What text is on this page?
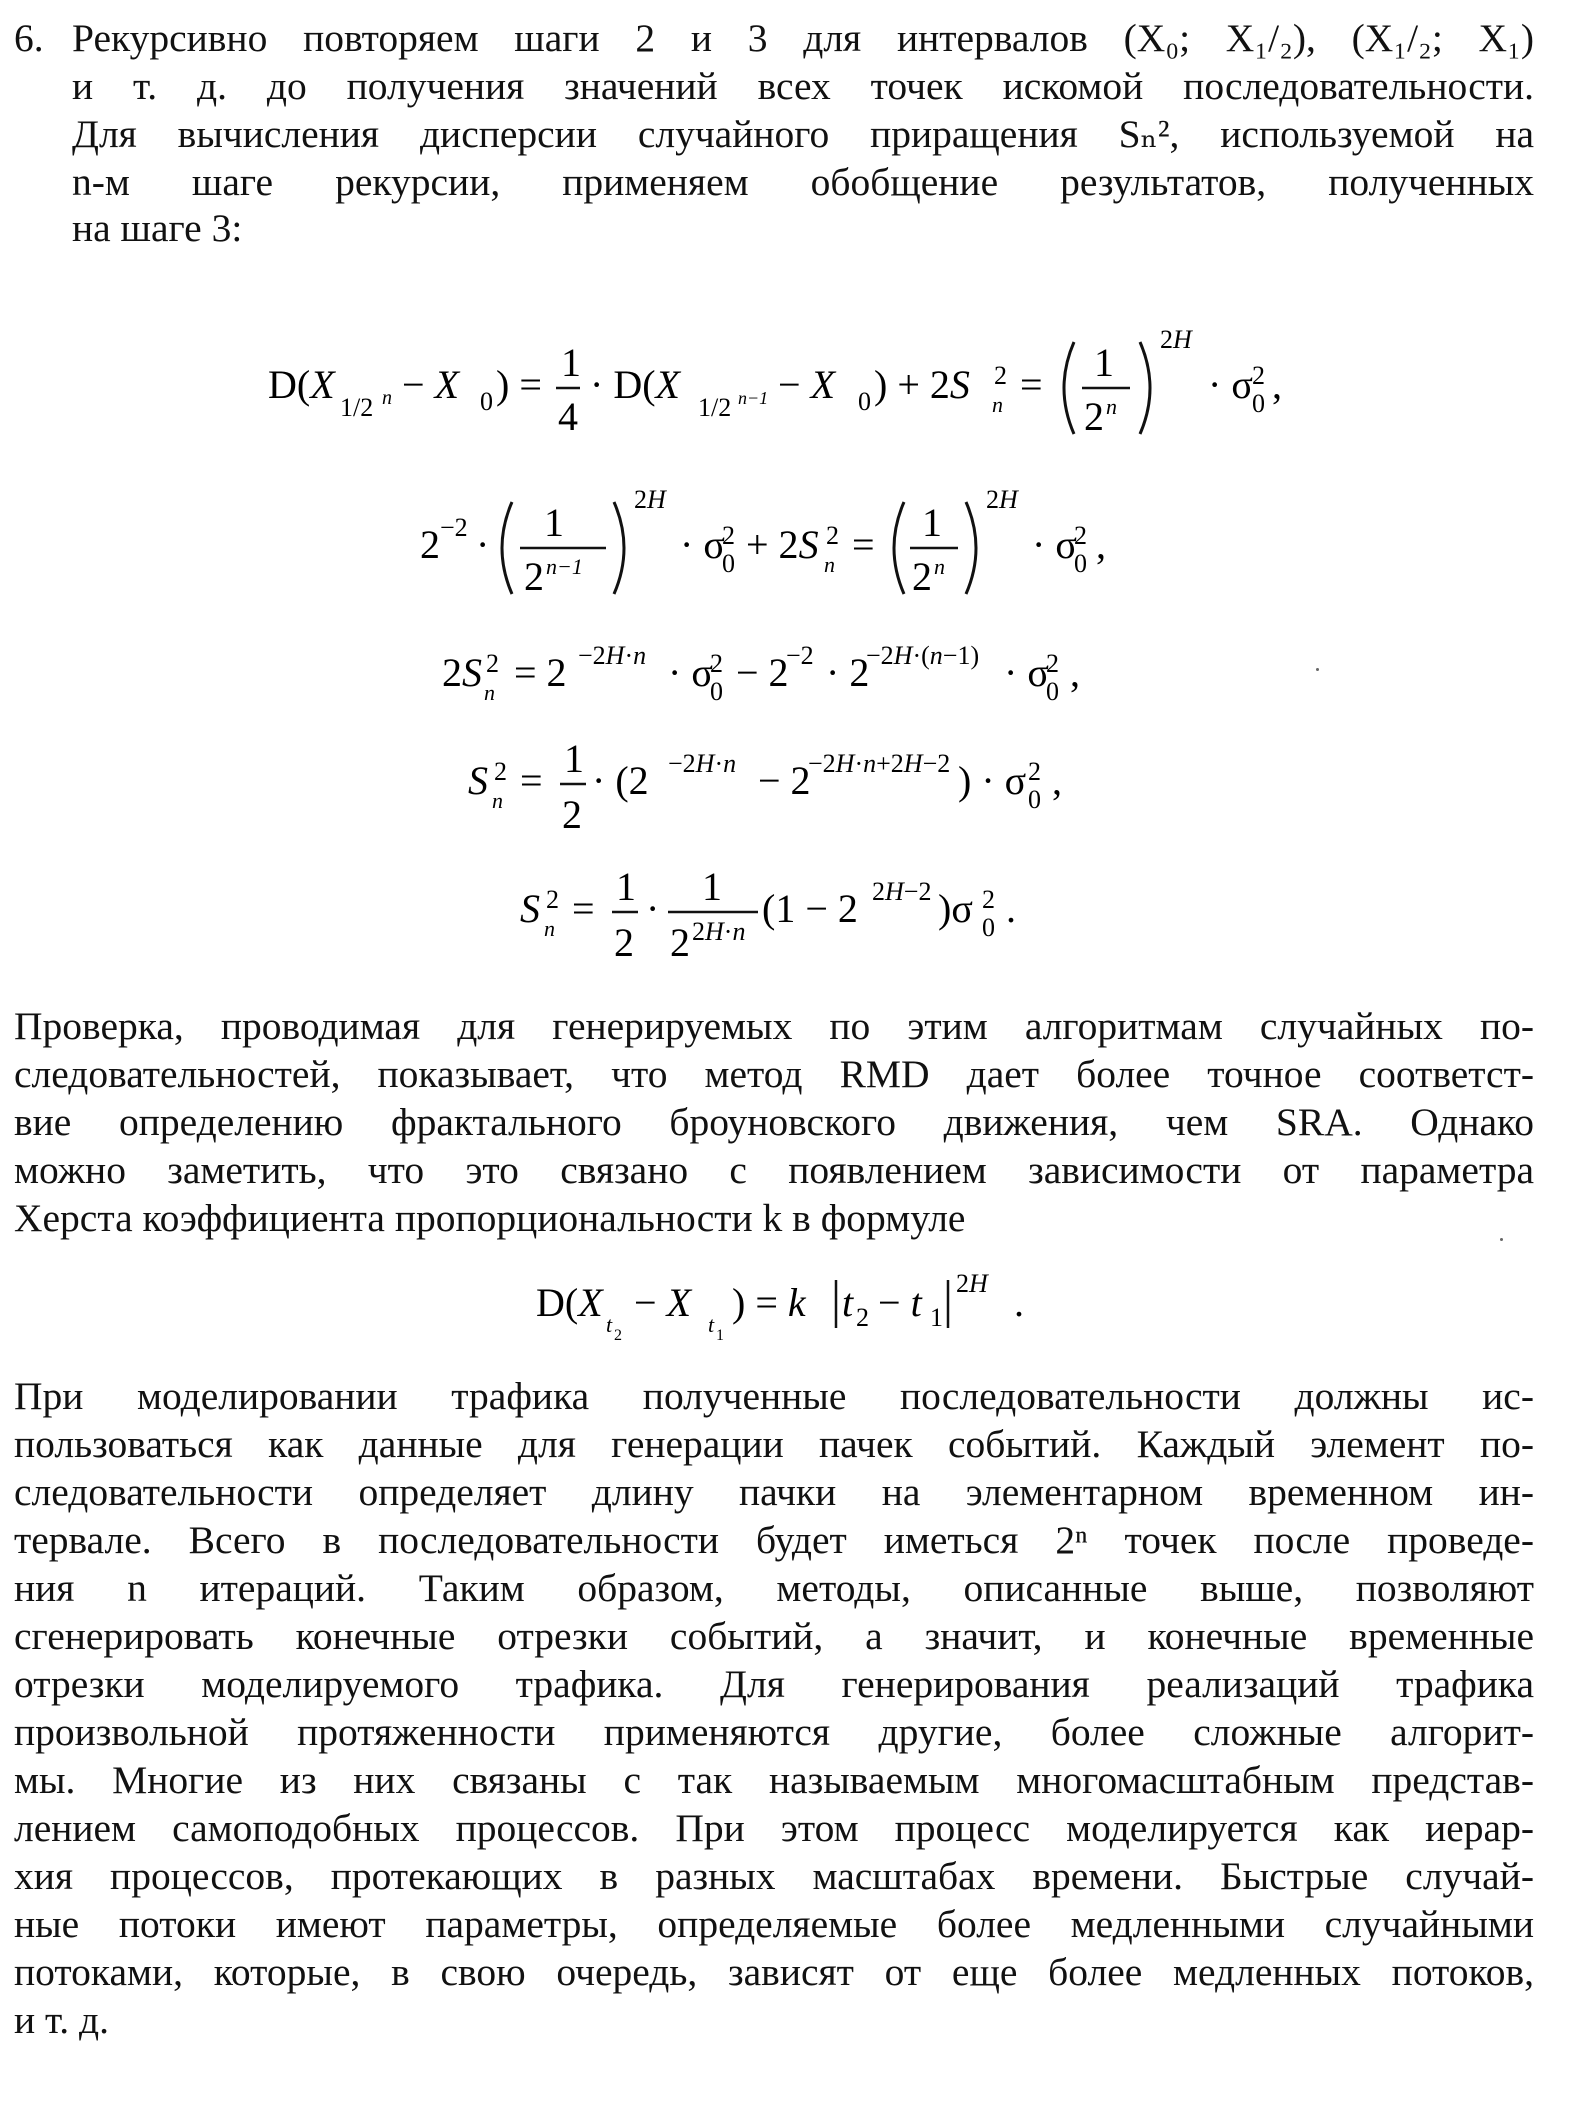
6. Рекурсивно повторяем шаги 2 и 3 для интервалов (X₀; X₁/₂), (X₁/₂; X₁)
и т. д. до получения значений всех точек искомой последовательности.
Для вычисления дисперсии случайного приращения Sₙ², используемой на
n-м шаге рекурсии, применяем обобщение результатов, полученных
на шаге 3:
D(X
1/2 n − X 0 ) = 1
4
· D(X
1/2 n−1 − X 0 ) + 2S 2
n = 1
2 n
2H
· σ 2
0 ,
2 −2 · 1
2 n−1
2H
· σ
2
0 + 2S 2
n = 1
2 n
2H
· σ
2
0 ,
2S 2
n = 2 −2H·n · σ
2
0 − 2
−2 · 2
−2H·(n−1) · σ
2
0 ,
S 2
n = 1
2
· (2 −2H·n − 2
−2H·n+2H−2 ) · σ 2
0 ,
S 2
n = 1
2
· 1
2 2H·n
(1 − 2 2H−2 )σ 2
0 .
Проверка, проводимая для генерируемых по этим алгоритмам случайных по-
следовательностей, показывает, что метод RMD дает более точное соответст-
вие определению фрактального броуновского движения, чем SRA. Однако
можно заметить, что это связано с появлением зависимости от параметра
Херста коэффициента пропорциональности k в формуле
D(X t 2
− X t 1
) = k t 2 − t 1
2H .
При моделировании трафика полученные последовательности должны ис-
пользоваться как данные для генерации пачек событий. Каждый элемент по-
следовательности определяет длину пачки на элементарном временном ин-
тервале. Всего в последовательности будет иметься 2ⁿ точек после проведе-
ния n итераций. Таким образом, методы, описанные выше, позволяют
сгенерировать конечные отрезки событий, а значит, и конечные временные
отрезки моделируемого трафика. Для генерирования реализаций трафика
произвольной протяженности применяются другие, более сложные алгорит-
мы. Многие из них связаны с так называемым многомасштабным представ-
лением самоподобных процессов. При этом процесс моделируется как иерар-
хия процессов, протекающих в разных масштабах времени. Быстрые случай-
ные потоки имеют параметры, определяемые более медленными случайными
потоками, которые, в свою очередь, зависят от еще более медленных потоков,
и т. д.
